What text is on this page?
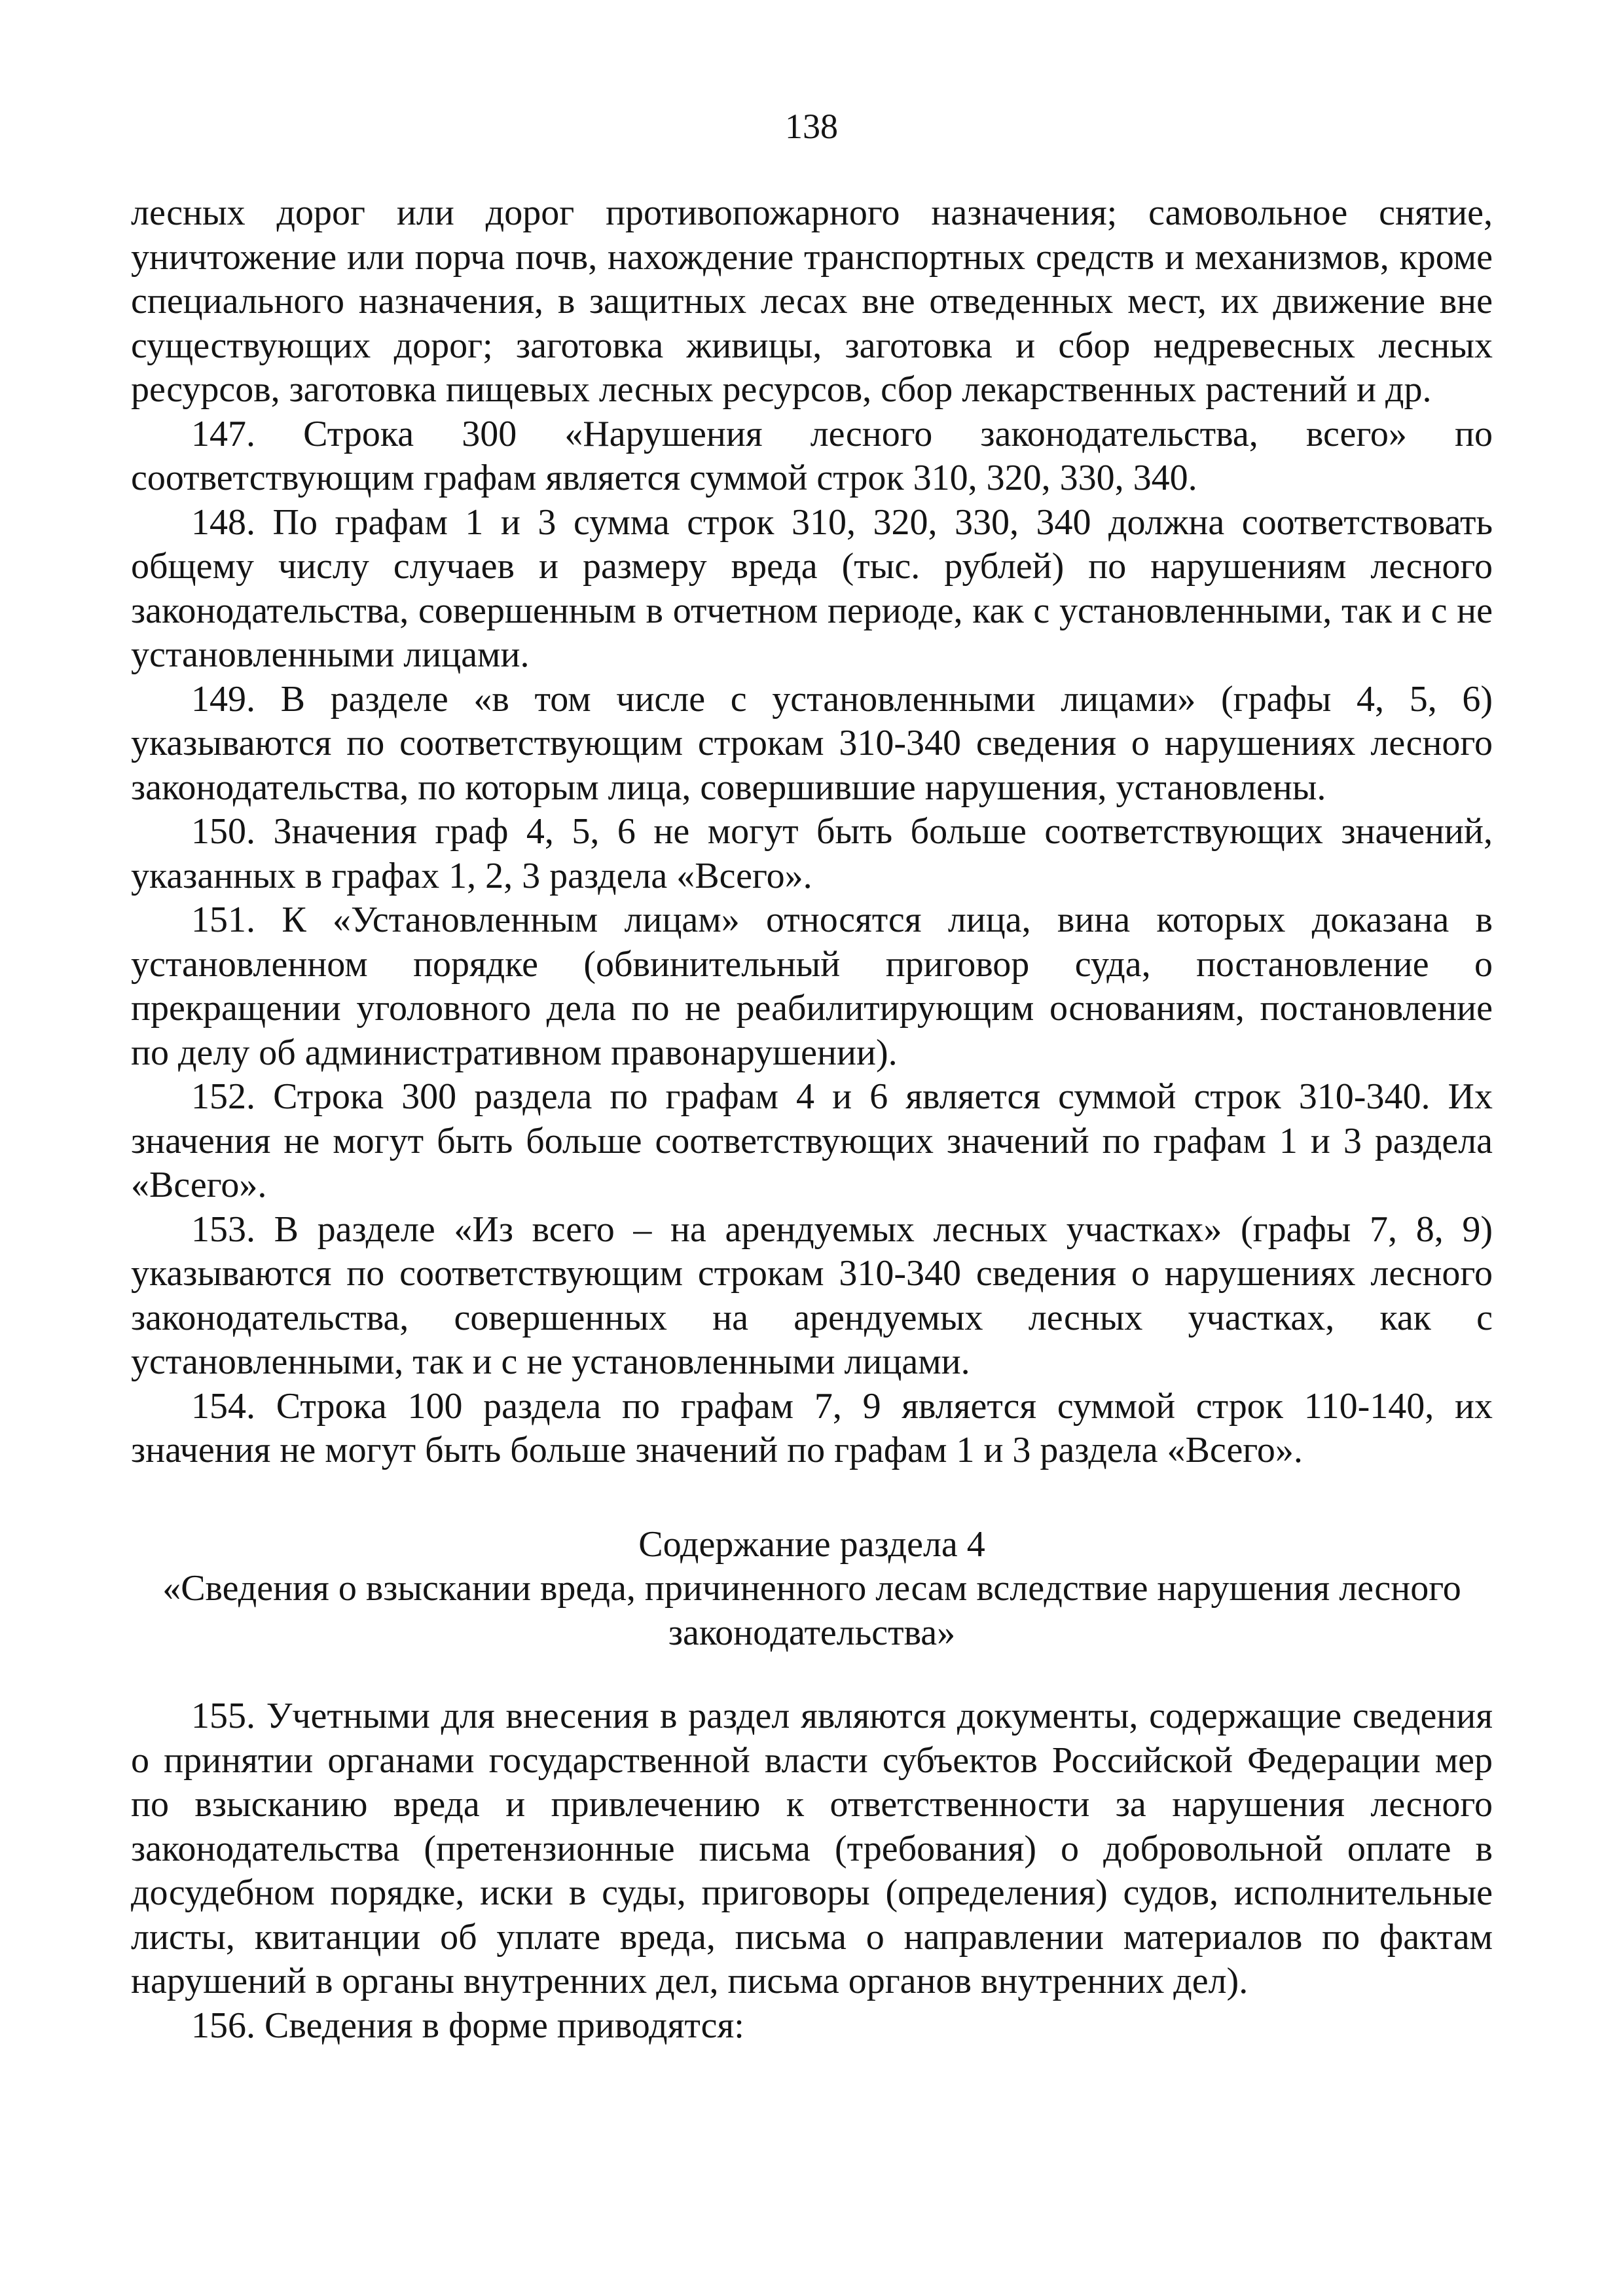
138

лесных дорог или дорог противопожарного назначения; самовольное снятие, уничтожение или порча почв, нахождение транспортных средств и механизмов, кроме специального назначения, в защитных лесах вне отведенных мест, их движение вне существующих дорог; заготовка живицы, заготовка и сбор недревесных лесных ресурсов, заготовка пищевых лесных ресурсов, сбор лекарственных растений и др.

147. Строка 300 «Нарушения лесного законодательства, всего» по соответствующим графам является суммой строк 310, 320, 330, 340.

148. По графам 1 и 3 сумма строк 310, 320, 330, 340 должна соответствовать общему числу случаев и размеру вреда (тыс. рублей) по нарушениям лесного законодательства, совершенным в отчетном периоде, как с установленными, так и с не установленными лицами.

149. В разделе «в том числе с установленными лицами» (графы 4, 5, 6) указываются по соответствующим строкам 310-340 сведения о нарушениях лесного законодательства, по которым лица, совершившие нарушения, установлены.

150. Значения граф 4, 5, 6 не могут быть больше соответствующих значений, указанных в графах 1, 2, 3 раздела «Всего».

151. К «Установленным лицам» относятся лица, вина которых доказана в установленном порядке (обвинительный приговор суда, постановление о прекращении уголовного дела по не реабилитирующим основаниям, постановление по делу об административном правонарушении).

152. Строка 300 раздела по графам 4 и 6 является суммой строк 310-340. Их значения не могут быть больше соответствующих значений по графам 1 и 3 раздела «Всего».

153. В разделе «Из всего – на арендуемых лесных участках» (графы 7, 8, 9) указываются по соответствующим строкам 310-340 сведения о нарушениях лесного законодательства, совершенных на арендуемых лесных участках, как с установленными, так и с не установленными лицами.

154. Строка 100 раздела по графам 7, 9 является суммой строк 110-140, их значения не могут быть больше значений по графам 1 и 3 раздела «Всего».

Содержание раздела 4
«Сведения о взыскании вреда, причиненного лесам вследствие нарушения лесного
законодательства»

155. Учетными для внесения в раздел являются документы, содержащие сведения о принятии органами государственной власти субъектов Российской Федерации мер по взысканию вреда и привлечению к ответственности за нарушения лесного законодательства (претензионные письма (требования) о добровольной оплате в досудебном порядке, иски в суды, приговоры (определения) судов, исполнительные листы, квитанции об уплате вреда, письма о направлении материалов по фактам нарушений в органы внутренних дел, письма органов внутренних дел).

156. Сведения в форме приводятся:
